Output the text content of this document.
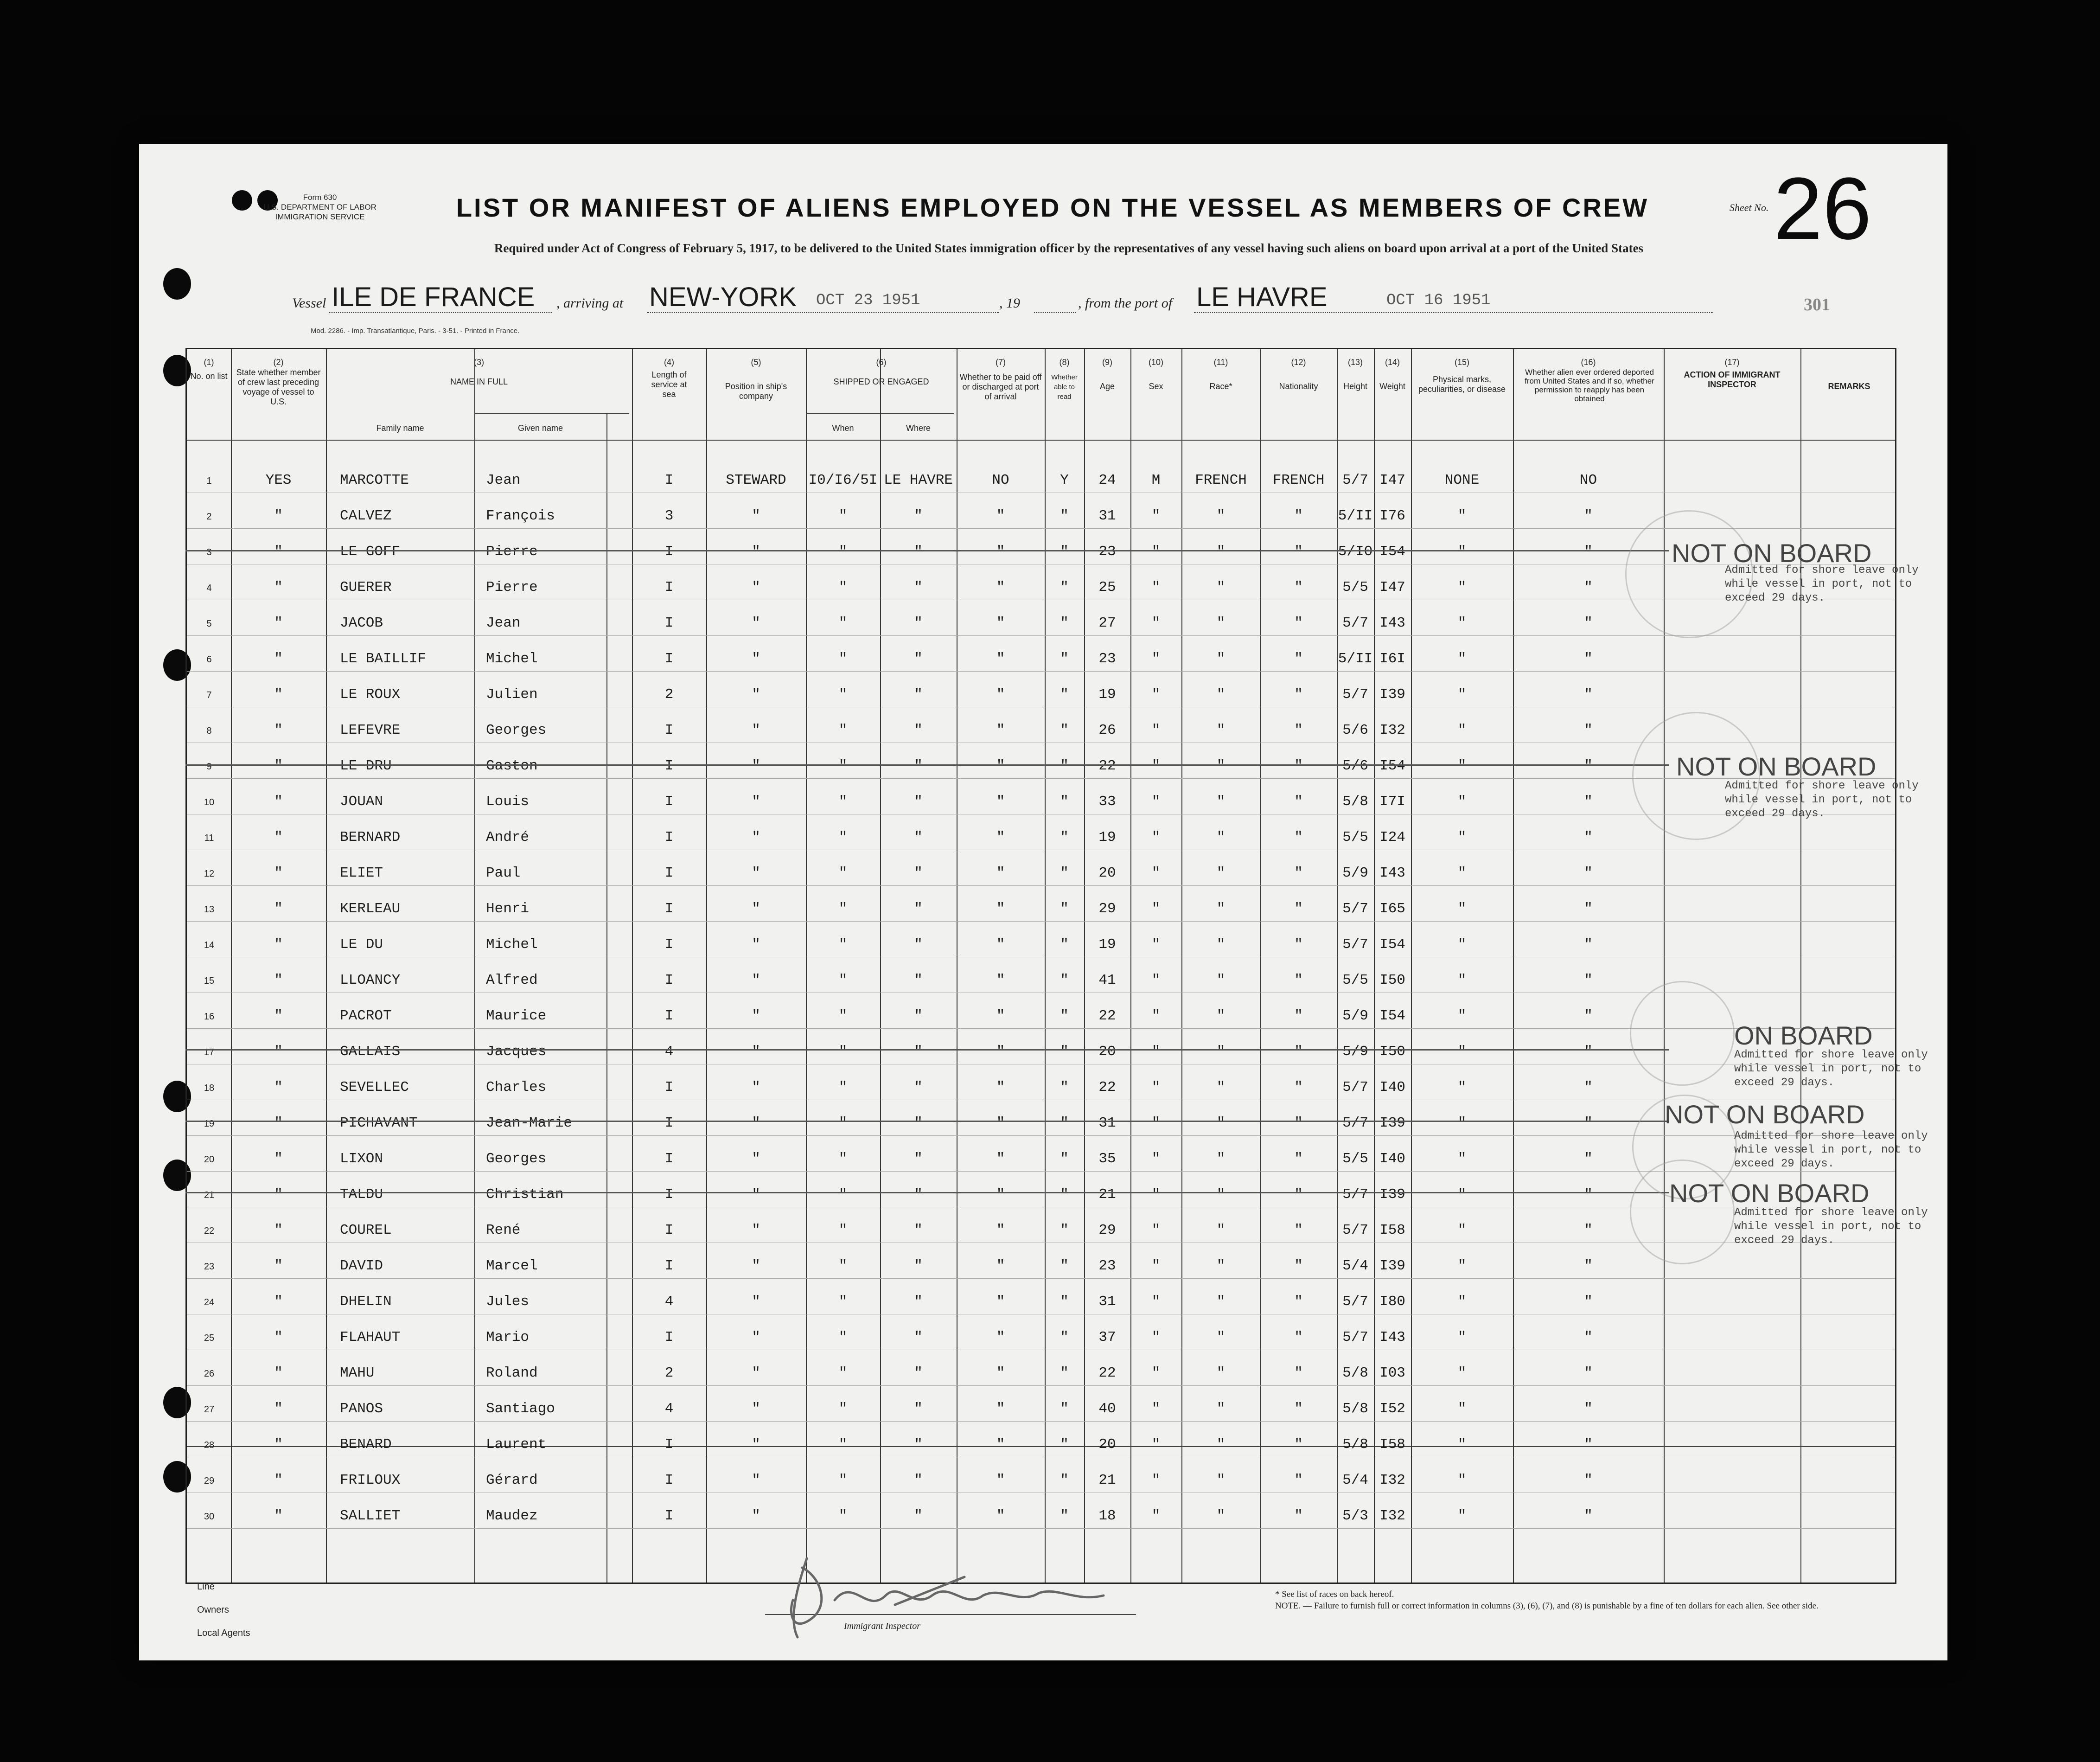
Form 630
U.S. DEPARTMENT OF LABOR
IMMIGRATION SERVICE	LIST OR MANIFEST OF ALIENS EMPLOYED ON THE VESSEL AS MEMBERS OF CREW	Sheet No. 26
Required under Act of Congress of February 5, 1917, to be delivered to the United States immigration officer by the representatives of any vessel having such aliens on board upon arrival at a port of the United States
Vessel ILE DE FRANCE , arriving at NEW-YORK OCT 23 1951	, 19	, from the port of LE HAVRE	OCT 16 1951	301
Mod. 2286. - Imp. Transatlantique, Paris. - 3-51. - Printed in France.
(1)
No. on list
(2)
State whether member of crew last preceding voyage of vessel to U.S.
(3)
NAME IN FULL
Family name	Given name
(4)
Length of service at sea
(5)
Position in ship's company
(6)
SHIPPED OR ENGAGED
When	Where
(7)
Whether to be paid off or discharged at port of arrival
(8)
Whether able to read
(9)
Age
(10)
Sex
(11)
Race*
(12)
Nationality
(13)
Height
(14)
Weight
(15)
Physical marks, peculiarities, or disease
(16)
Whether alien ever ordered deported from United States and if so, whether permission to reapply has been obtained
(17)
ACTION OF IMMIGRANT INSPECTOR	REMARKS
1	YES	MARCOTTE	Jean	I	STEWARD	I0/I6/5I LE HAVRE	NO	Y	24	M	FRENCH	FRENCH	5/7 I47	NONE	NO
2	"	CALVEZ	François	3	"	"	"	"	"	31	"	"	"	5/II I76	"	"
3	"	LE GOFF	Pierre	I	"	"	"	"	"	23	"	"	"	5/I0 I54	"	"
4	"	GUERER	Pierre	I	"	"	"	"	"	25	"	"	"	5/5 I47	"	"
5	"	JACOB	Jean	I	"	"	"	"	"	27	"	"	"	5/7 I43	"	"
6	"	LE BAILLIF	Michel	I	"	"	"	"	"	23	"	"	"	5/II I6I	"	"
7	"	LE ROUX	Julien	2	"	"	"	"	"	19	"	"	"	5/7 I39	"	"
8	"	LEFEVRE	Georges	I	"	"	"	"	"	26	"	"	"	5/6 I32	"	"
9	"	LE DRU	Gaston	I	"	"	"	"	"	22	"	"	"	5/6 I54	"	"
10	"	JOUAN	Louis	I	"	"	"	"	"	33	"	"	"	5/8 I7I	"	"
11	"	BERNARD	André	I	"	"	"	"	"	19	"	"	"	5/5 I24	"	"
12	"	ELIET	Paul	I	"	"	"	"	"	20	"	"	"	5/9 I43	"	"
13	"	KERLEAU	Henri	I	"	"	"	"	"	29	"	"	"	5/7 I65	"	"
14	"	LE DU	Michel	I	"	"	"	"	"	19	"	"	"	5/7 I54	"	"
15	"	LLOANCY	Alfred	I	"	"	"	"	"	41	"	"	"	5/5 I50	"	"
16	"	PACROT	Maurice	I	"	"	"	"	"	22	"	"	"	5/9 I54	"	"
17	"	GALLAIS	Jacques	4	"	"	"	"	"	20	"	"	"	5/9 I50	"	"
18	"	SEVELLEC	Charles	I	"	"	"	"	"	22	"	"	"	5/7 I40	"	"
19	"	PICHAVANT	Jean-Marie	I	"	"	"	"	"	31	"	"	"	5/7 I39	"	"
20	"	LIXON	Georges	I	"	"	"	"	"	35	"	"	"	5/5 I40	"	"
21	"	TALDU	Christian	I	"	"	"	"	"	21	"	"	"	5/7 I39	"	"
22	"	COUREL	René	I	"	"	"	"	"	29	"	"	"	5/7 I58	"	"
23	"	DAVID	Marcel	I	"	"	"	"	"	23	"	"	"	5/4 I39	"	"
24	"	DHELIN	Jules	4	"	"	"	"	"	31	"	"	"	5/7 I80	"	"
25	"	FLAHAUT	Mario	I	"	"	"	"	"	37	"	"	"	5/7 I43	"	"
26	"	MAHU	Roland	2	"	"	"	"	"	22	"	"	"	5/8 I03	"	"
27	"	PANOS	Santiago	4	"	"	"	"	"	40	"	"	"	5/8 I52	"	"
28	"	BENARD	Laurent	I	"	"	"	"	"	20	"	"	"	5/8 I58	"	"
29	"	FRILOUX	Gérard	I	"	"	"	"	"	21	"	"	"	5/4 I32	"	"
30	"	SALLIET	Maudez	I	"	"	"	"	"	18	"	"	"	5/3 I32	"	"
NOT ON BOARD
Admitted for shore leave only while vessel in port, not to exceed 29 days.
NOT ON BOARD
Admitted for shore leave only while vessel in port, not to exceed 29 days.
ON BOARD
Admitted for shore leave only while vessel in port, not to exceed 29 days.
NOT ON BOARD
Admitted for shore leave only while vessel in port, not to exceed 29 days.
NOT ON BOARD
Admitted for shore leave only while vessel in port, not to exceed 29 days.
Line
Owners
Local Agents
Immigrant Inspector
* See list of races on back hereof.
NOTE. — Failure to furnish full or correct information in columns (3), (6), (7), and (8) is punishable by a fine of ten dollars for each alien. See other side.
